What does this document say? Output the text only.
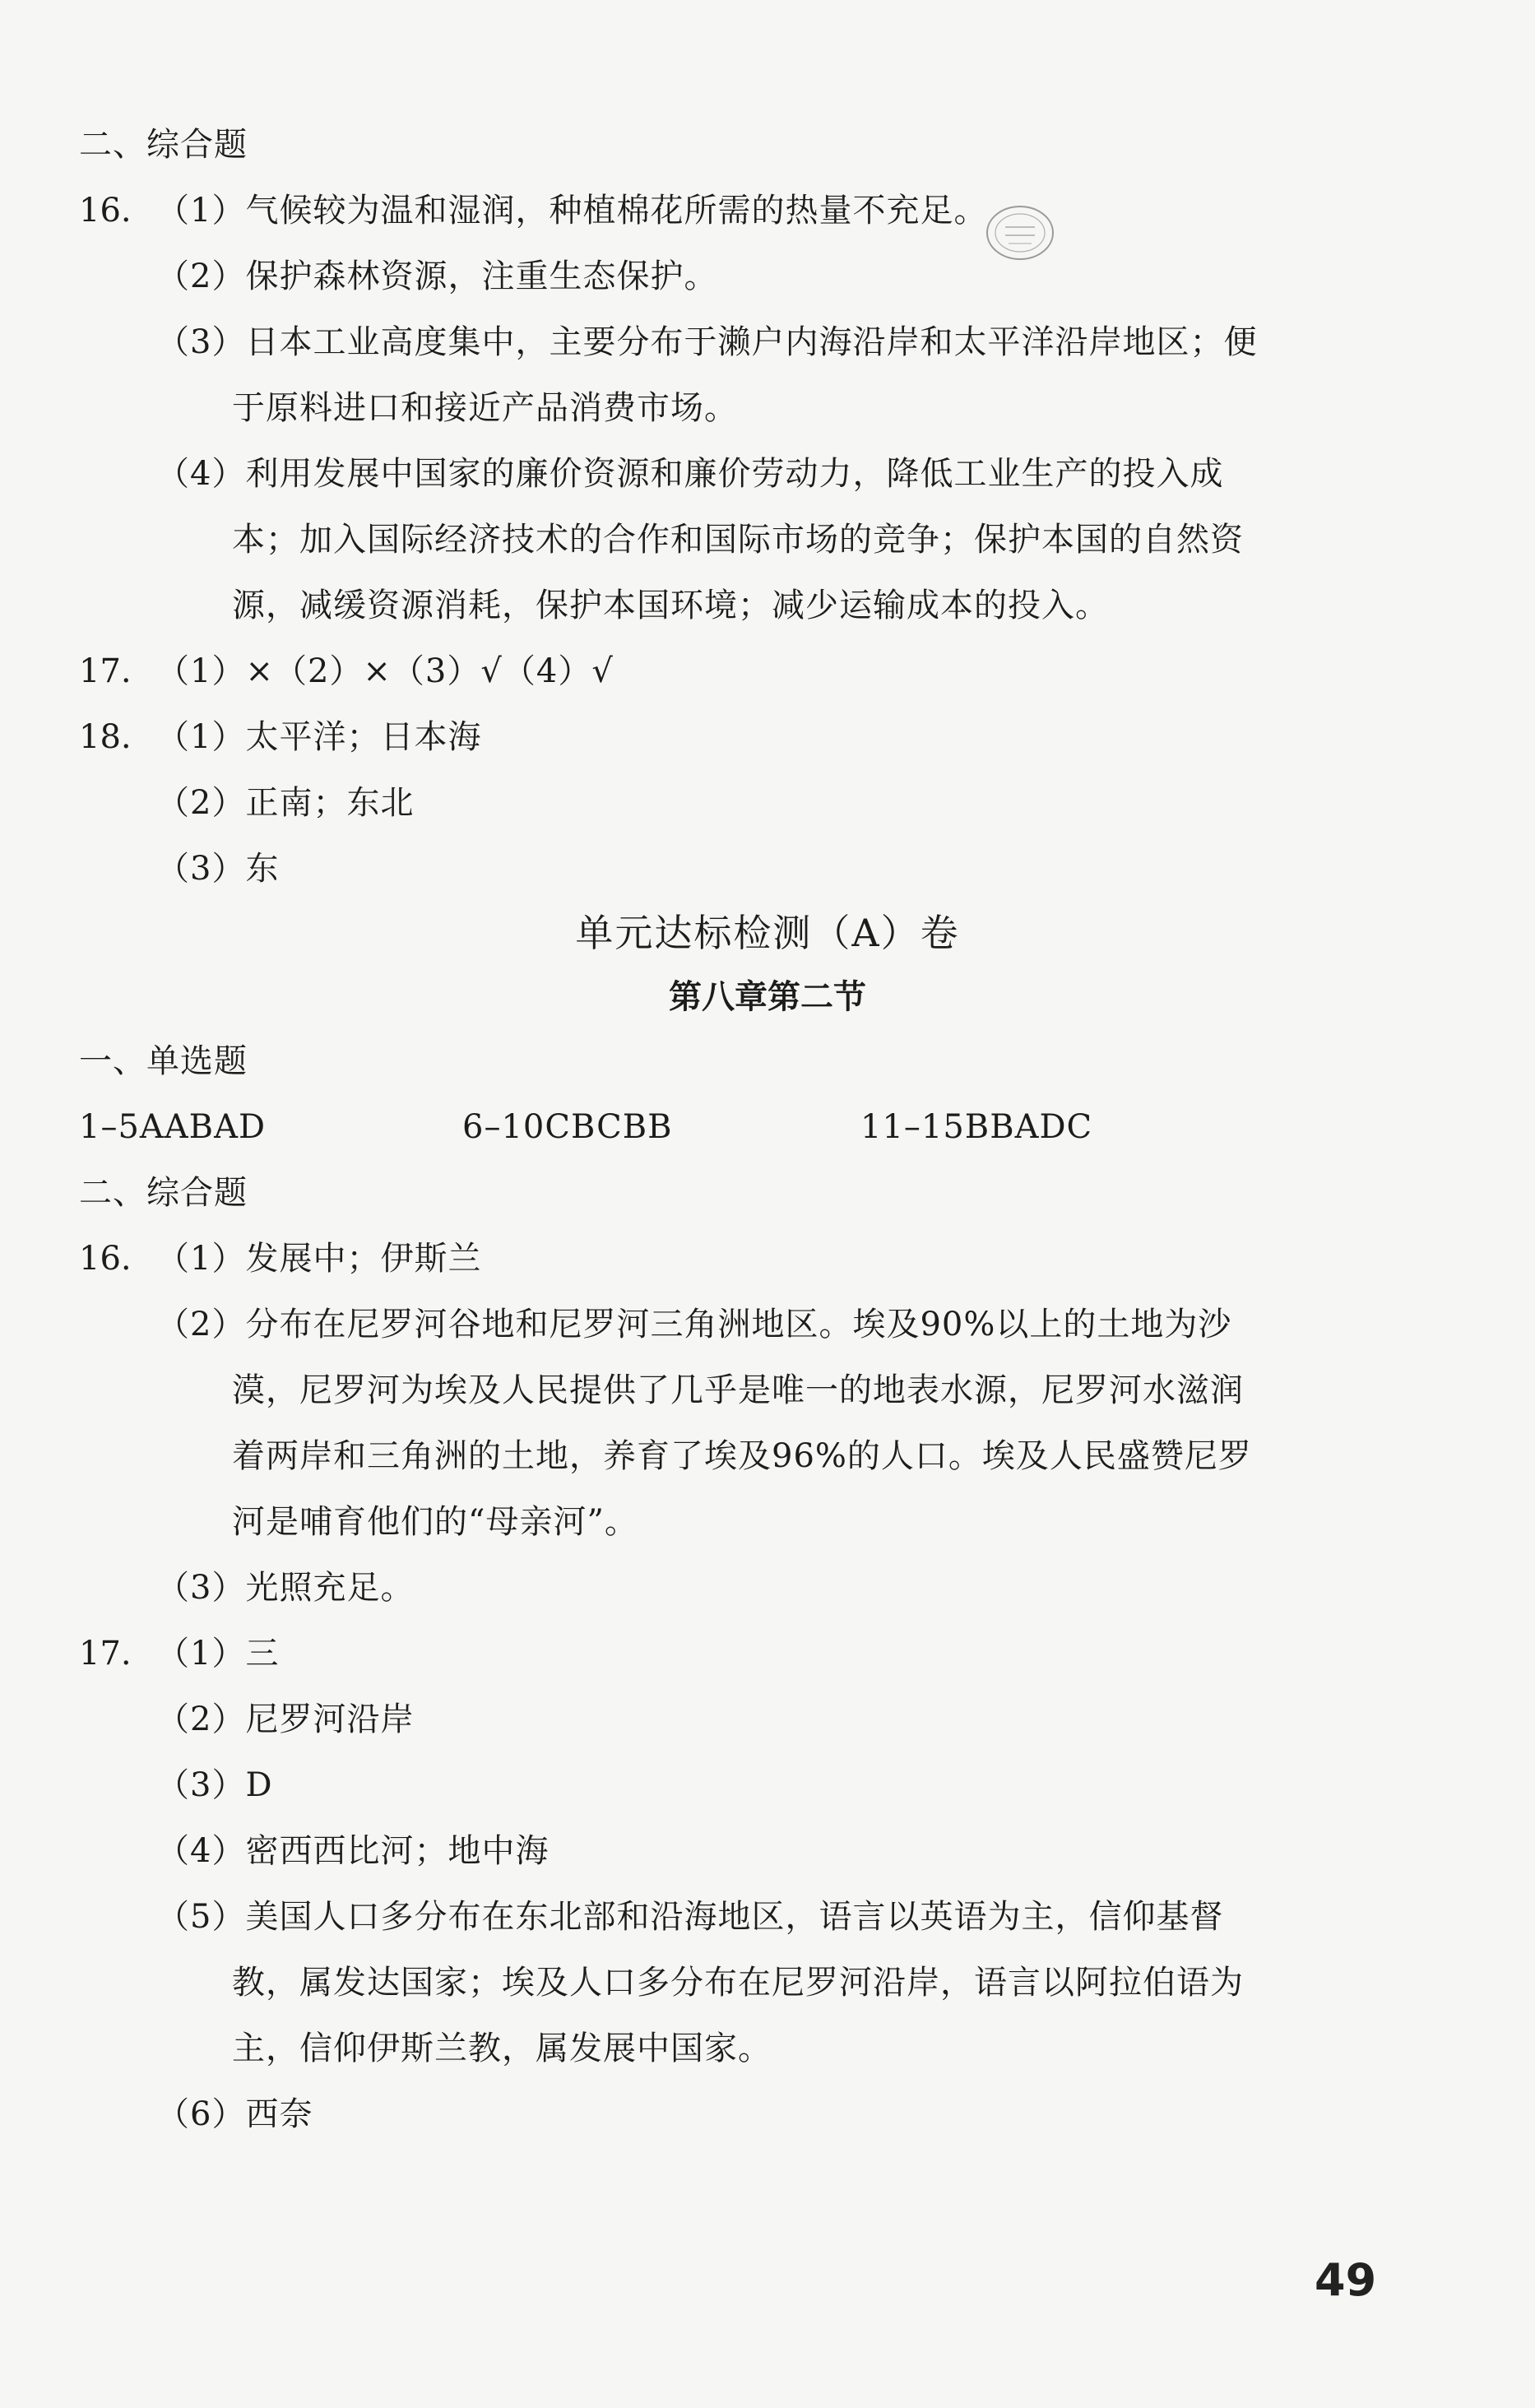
二、综合题
16. （1）气候较为温和湿润，种植棉花所需的热量不充足。
（2）保护森林资源，注重生态保护。
（3）日本工业高度集中，主要分布于濑户内海沿岸和太平洋沿岸地区；便
于原料进口和接近产品消费市场。
（4）利用发展中国家的廉价资源和廉价劳动力，降低工业生产的投入成
本；加入国际经济技术的合作和国际市场的竞争；保护本国的自然资
源，减缓资源消耗，保护本国环境；减少运输成本的投入。
17. （1）×（2）×（3）√（4）√
18. （1）太平洋；日本海
（2）正南；东北
（3）东
单元达标检测（A）卷
第八章第二节
一、单选题
1–5AABAD	6–10CBCBB	11–15BBADC
二、综合题
16. （1）发展中；伊斯兰
（2）分布在尼罗河谷地和尼罗河三角洲地区。埃及90%以上的土地为沙
漠，尼罗河为埃及人民提供了几乎是唯一的地表水源，尼罗河水滋润
着两岸和三角洲的土地，养育了埃及96%的人口。埃及人民盛赞尼罗
河是哺育他们的“母亲河”。
（3）光照充足。
17. （1）三
（2）尼罗河沿岸
（3）D
（4）密西西比河；地中海
（5）美国人口多分布在东北部和沿海地区，语言以英语为主，信仰基督
教，属发达国家；埃及人口多分布在尼罗河沿岸，语言以阿拉伯语为
主，信仰伊斯兰教，属发展中国家。
（6）西奈
49
